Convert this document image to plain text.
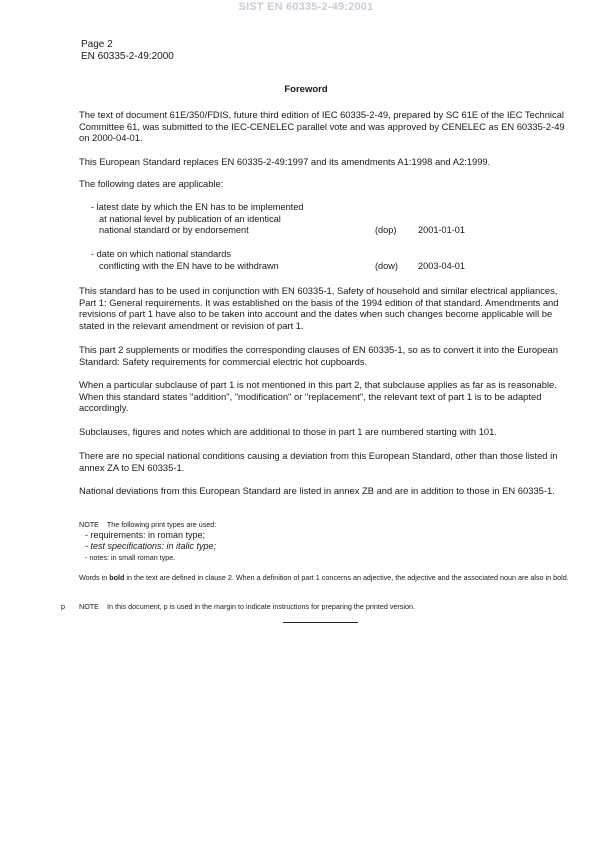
SIST EN 60335-2-49:2001
Page 2
EN 60335-2-49:2000
Foreword
The text of document 61E/350/FDIS, future third edition of IEC 60335-2-49, prepared by SC 61E of the IEC Technical Committee 61, was submitted to the IEC-CENELEC parallel vote and was approved by CENELEC as EN 60335-2-49 on 2000-04-01.
This European Standard replaces EN 60335-2-49:1997 and its amendments A1:1998 and A2:1999.
The following dates are applicable:
- latest date by which the EN has to be implemented
at national level by publication of an identical
national standard or by endorsement	(dop) 2001-01-01
- date on which national standards
conflicting with the EN have to be withdrawn	(dow) 2003-04-01
This standard has to be used in conjunction with EN 60335-1, Safety of household and similar electrical appliances, Part 1: General requirements. It was established on the basis of the 1994 edition of that standard. Amendments and revisions of part 1 have also to be taken into account and the dates when such changes become applicable will be stated in the relevant amendment or revision of part 1.
This part 2 supplements or modifies the corresponding clauses of EN 60335-1, so as to convert it into the European Standard: Safety requirements for commercial electric hot cupboards.
When a particular subclause of part 1 is not mentioned in this part 2, that subclause applies as far as is reasonable. When this standard states "addition", "modification" or "replacement", the relevant text of part 1 is to be adapted accordingly.
Subclauses, figures and notes which are additional to those in part 1 are numbered starting with 101.
There are no special national conditions causing a deviation from this European Standard, other than those listed in annex ZA to EN 60335-1.
National deviations from this European Standard are listed in annex ZB and are in addition to those in EN 60335-1.
NOTE    The following print types are used:
- requirements: in roman type;
- test specifications: in italic type;
- notes: in small roman type.
Words in bold in the text are defined in clause 2. When a definition of part 1 concerns an adjective, the adjective and the associated noun are also in bold.
p NOTE    In this document, p is used in the margin to indicate instructions for preparing the printed version.
